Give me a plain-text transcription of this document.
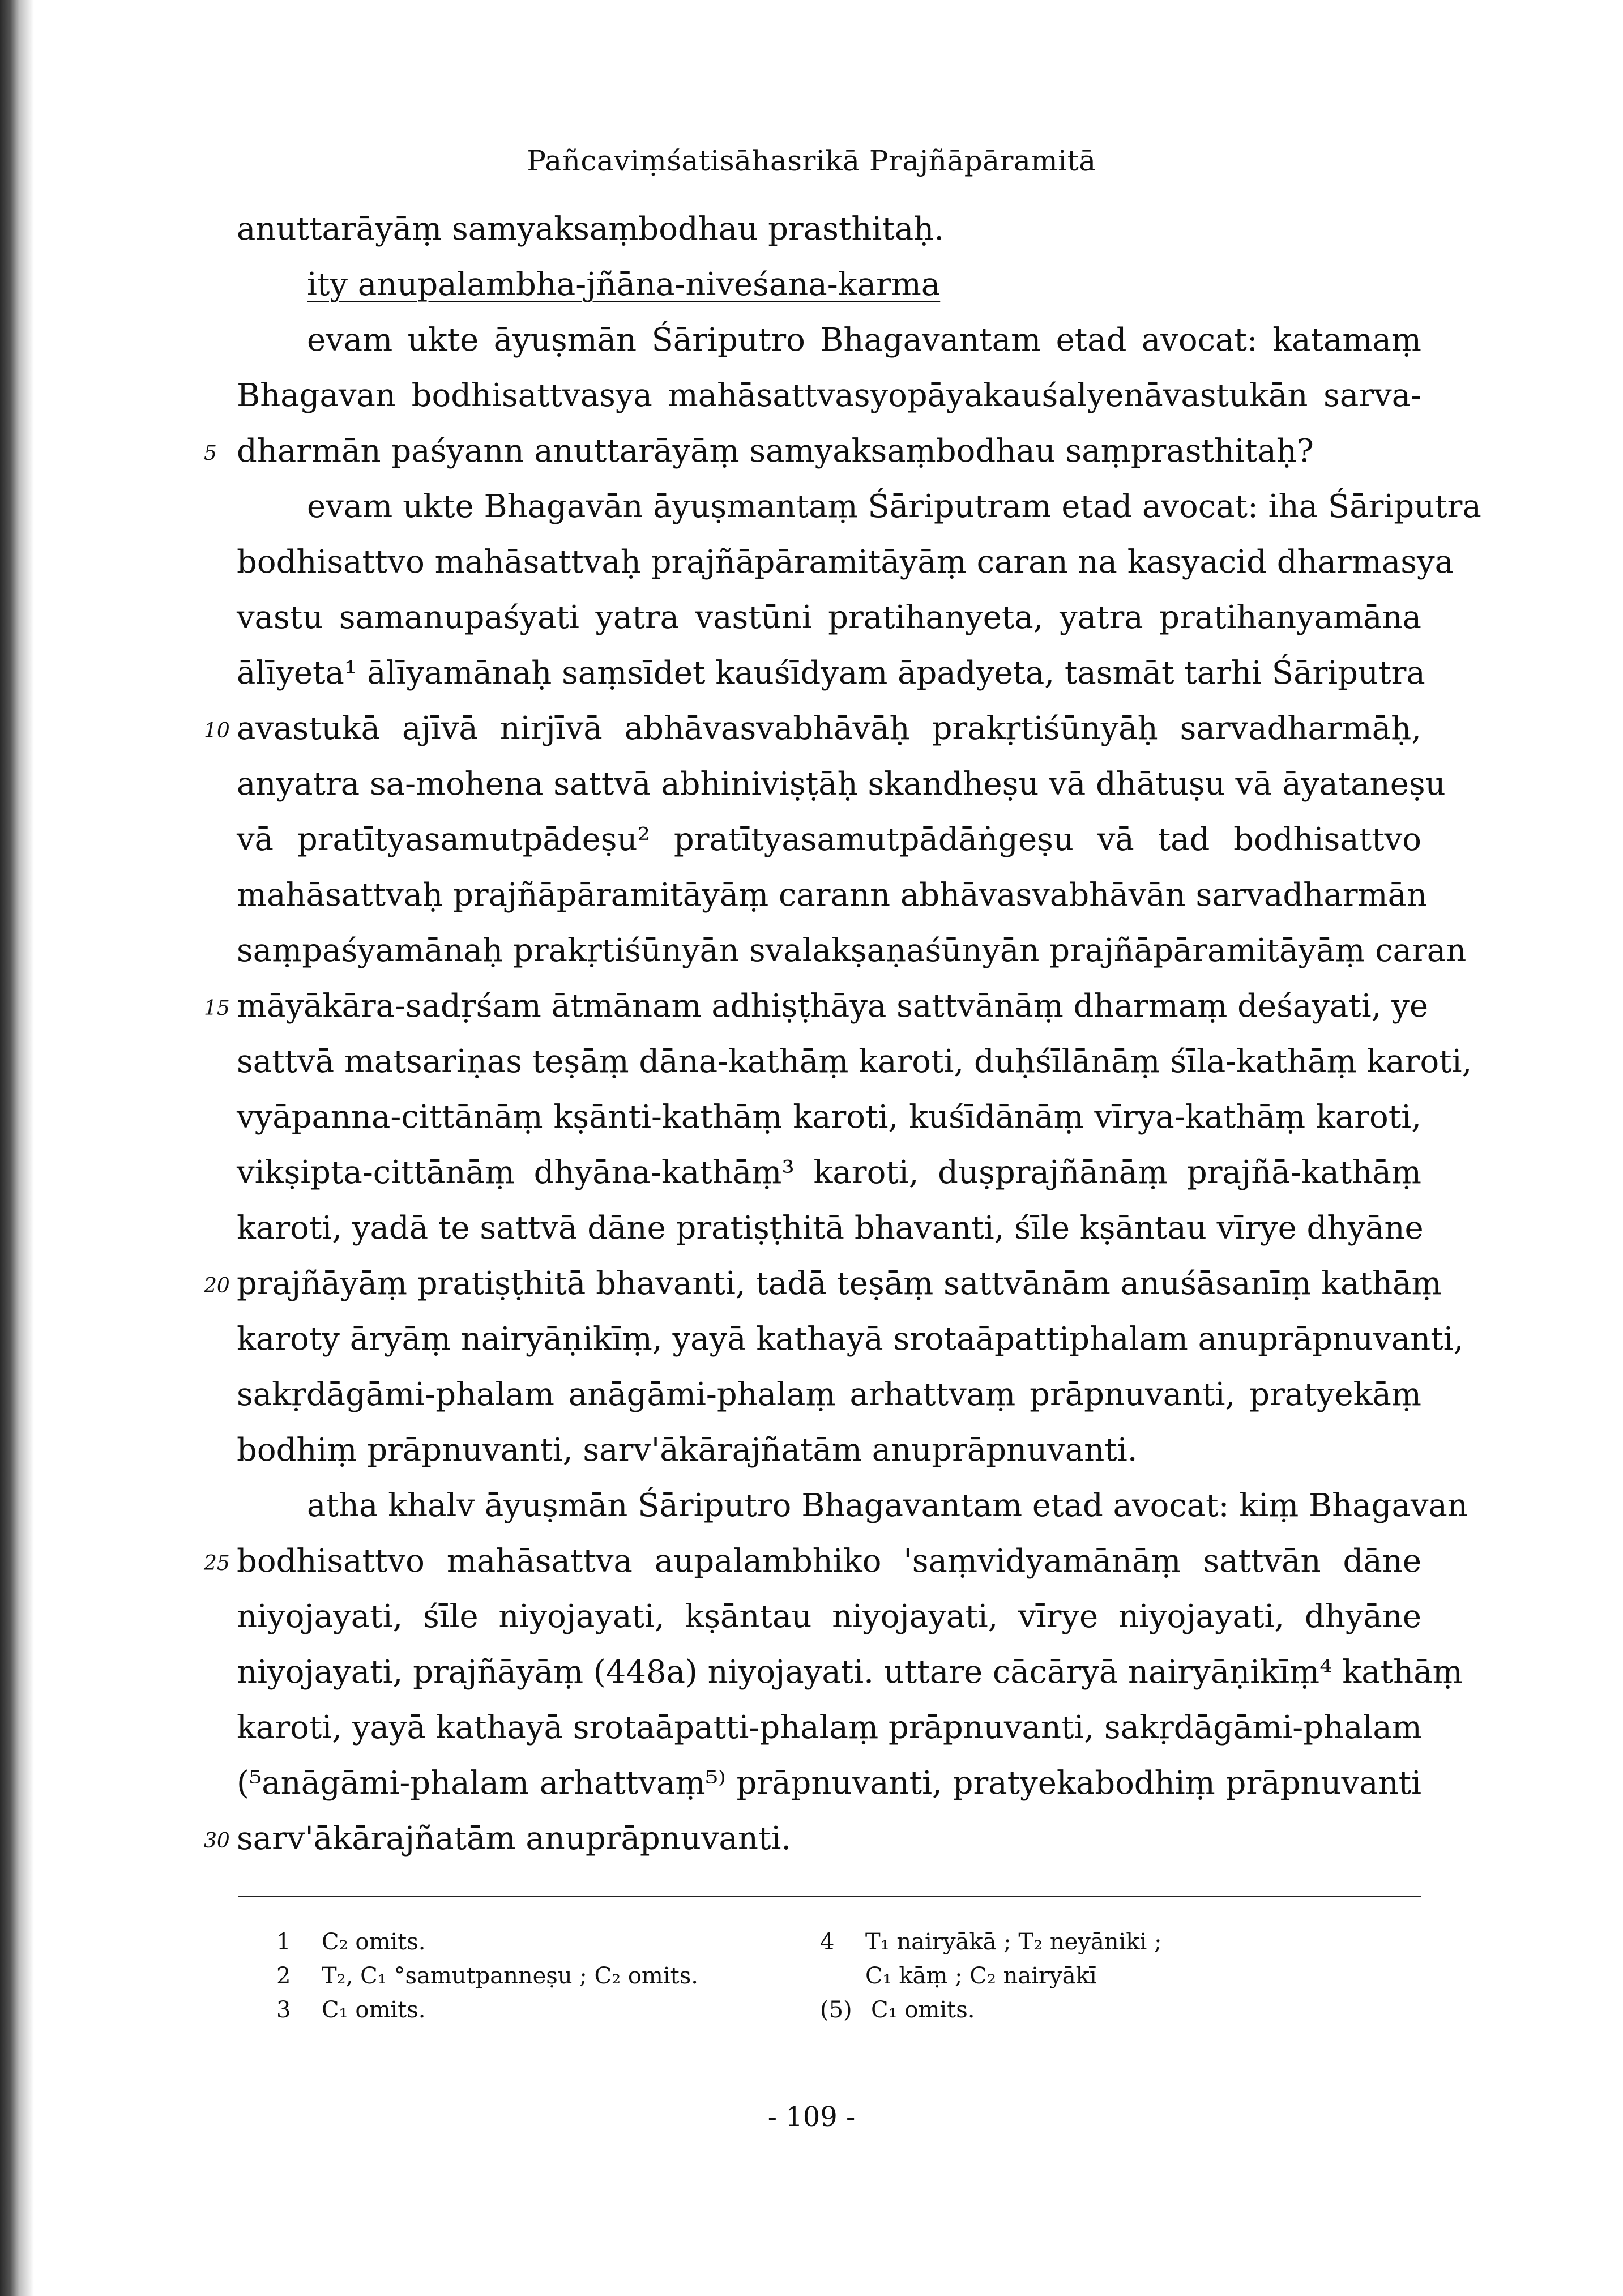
Pañcaviṃśatisāhasrikā Prajñāpāramitā
anuttarāyāṃ samyaksaṃbodhau prasthitaḥ.
ity anupalambha-jñāna-niveśana-karma
evam ukte āyuṣmān Śāriputro Bhagavantam etad avocat: katamaṃ
Bhagavan bodhisattvasya mahāsattvasyopāyakauśalyenāvastukān sarva-
dharmān paśyann anuttarāyāṃ samyaksaṃbodhau saṃprasthitaḥ?
5
evam ukte Bhagavān āyuṣmantaṃ Śāriputram etad avocat: iha Śāriputra
bodhisattvo mahāsattvaḥ prajñāpāramitāyāṃ caran na kasyacid dharmasya
vastu samanupaśyati yatra vastūni pratihanyeta, yatra pratihanyamāna
ālīyeta¹ ālīyamānaḥ saṃsīdet kauśīdyam āpadyeta, tasmāt tarhi Śāriputra
avastukā ajīvā nirjīvā abhāvasvabhāvāḥ prakṛtiśūnyāḥ sarvadharmāḥ,
10
anyatra sa-mohena sattvā abhiniviṣṭāḥ skandheṣu vā dhātuṣu vā āyataneṣu
vā pratītyasamutpādeṣu² pratītyasamutpādāṅgeṣu vā tad bodhisattvo
mahāsattvaḥ prajñāpāramitāyāṃ carann abhāvasvabhāvān sarvadharmān
saṃpaśyamānaḥ prakṛtiśūnyān svalakṣaṇaśūnyān prajñāpāramitāyāṃ caran
māyākāra-sadṛśam ātmānam adhiṣṭhāya sattvānāṃ dharmaṃ deśayati, ye
15
sattvā matsariṇas teṣāṃ dāna-kathāṃ karoti, duḥśīlānāṃ śīla-kathāṃ karoti,
vyāpanna-cittānāṃ kṣānti-kathāṃ karoti, kuśīdānāṃ vīrya-kathāṃ karoti,
vikṣipta-cittānāṃ dhyāna-kathāṃ³ karoti, duṣprajñānāṃ prajñā-kathāṃ
karoti, yadā te sattvā dāne pratiṣṭhitā bhavanti, śīle kṣāntau vīrye dhyāne
prajñāyāṃ pratiṣṭhitā bhavanti, tadā teṣāṃ sattvānām anuśāsanīṃ kathāṃ
20
karoty āryāṃ nairyāṇikīṃ, yayā kathayā srotaāpattiphalam anuprāpnuvanti,
sakṛdāgāmi-phalam anāgāmi-phalaṃ arhattvaṃ prāpnuvanti, pratyekāṃ
bodhiṃ prāpnuvanti, sarv'ākārajñatām anuprāpnuvanti.
atha khalv āyuṣmān Śāriputro Bhagavantam etad avocat: kiṃ Bhagavan
bodhisattvo mahāsattva aupalambhiko 'saṃvidyamānāṃ sattvān dāne
25
niyojayati, śīle niyojayati, kṣāntau niyojayati, vīrye niyojayati, dhyāne
niyojayati, prajñāyāṃ (448a) niyojayati. uttare cācāryā nairyāṇikīṃ⁴ kathāṃ
karoti, yayā kathayā srotaāpatti-phalaṃ prāpnuvanti, sakṛdāgāmi-phalam
(⁵anāgāmi-phalam arhattvaṃ⁵⁾ prāpnuvanti, pratyekabodhiṃ prāpnuvanti
sarv'ākārajñatām anuprāpnuvanti.
30
1 C₂ omits.
2 T₂, C₁ °samutpanneṣu ; C₂ omits.
3 C₁ omits.
4 T₁ nairyākā ; T₂ neyāniki ;
C₁ kāṃ ; C₂ nairyākī
(5) C₁ omits.
- 109 -
